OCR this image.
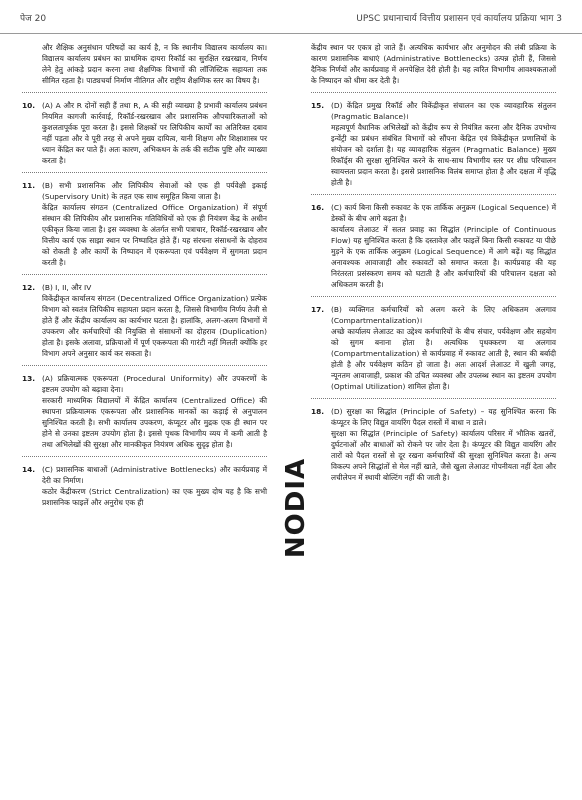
पेज 20	UPSC प्रधानाचार्य वित्तीय प्रशासन एवं कार्यालय प्रक्रिया भाग 3

और शैक्षिक अनुसंधान परिषदों का कार्य है, न कि स्थानीय विद्यालय कार्यालय का। विद्यालय कार्यालय प्रबंधन का प्राथमिक दायरा रिकॉर्ड का सुरक्षित रखरखाव, निर्णय लेने हेतु आंकड़े प्रदान करना तथा शैक्षणिक विभागों की लॉजिस्टिक सहायता तक सीमित रहता है। पाठ्यचर्या निर्माण नीतिगत और राष्ट्रीय शैक्षणिक स्तर का विषय है।

10. (A) A और R दोनों सही हैं तथा R, A की सही व्याख्या है प्रभावी कार्यालय प्रबंधन नियमित कागजी कार्रवाई, रिकॉर्ड-रखरखाव और प्रशासनिक औपचारिकताओं को कुशलतापूर्वक पूरा करता है। इससे शिक्षकों पर लिपिकीय कार्यों का अतिरिक्त दबाव नहीं पड़ता और वे पूरी तरह से अपने मुख्य दायित्व, यानी शिक्षण और शिक्षाशास्त्र पर ध्यान केंद्रित कर पाते हैं। अतः कारण, अभिकथन के तर्क की सटीक पुष्टि और व्याख्या करता है।

11. (B) सभी प्रशासनिक और लिपिकीय सेवाओं को एक ही पर्यवेक्षी इकाई (Supervisory Unit) के तहत एक साथ समूहित किया जाता है।

केंद्रित कार्यालय संगठन (Centralized Office Organization) में संपूर्ण संस्थान की लिपिकीय और प्रशासनिक गतिविधियों को एक ही नियंत्रण केंद्र के अधीन एकीकृत किया जाता है। इस व्यवस्था के अंतर्गत सभी पत्राचार, रिकॉर्ड-रखरखाव और वित्तीय कार्य एक साझा स्थान पर निष्पादित होते हैं। यह संरचना संसाधनों के दोहराव को रोकती है और कार्यों के निष्पादन में एकरूपता एवं पर्यवेक्षण में सुगमता प्रदान करती है।

12. (B) I, II, और IV

विकेंद्रीकृत कार्यालय संगठन (Decentralized Office Organization) प्रत्येक विभाग को स्वतंत्र लिपिकीय सहायता प्रदान करता है, जिससे विभागीय निर्णय तेजी से होते हैं और केंद्रीय कार्यालय का कार्यभार घटता है। हालांकि, अलग-अलग विभागों में उपकरण और कर्मचारियों की नियुक्ति से संसाधनों का दोहराव (Duplication) होता है। इसके अलावा, प्रक्रियाओं में पूर्ण एकरूपता की गारंटी नहीं मिलती क्योंकि हर विभाग अपने अनुसार कार्य कर सकता है।

13. (A) प्रक्रियात्मक एकरूपता (Procedural Uniformity) और उपकरणों के इष्टतम उपयोग को बढ़ावा देना।

सरकारी माध्यमिक विद्यालयों में केंद्रित कार्यालय (Centralized Office) की स्थापना प्रक्रियात्मक एकरूपता और प्रशासनिक मानकों का कड़ाई से अनुपालन सुनिश्चित करती है। सभी कार्यालय उपकरण, कंप्यूटर और मुद्रक एक ही स्थान पर होने से उनका इष्टतम उपयोग होता है। इससे पृथक विभागीय व्यय में कमी आती है तथा अभिलेखों की सुरक्षा और मानकीकृत नियंत्रण अधिक सुदृढ़ होता है।

14. (C) प्रशासनिक बाधाओं (Administrative Bottlenecks) और कार्यप्रवाह में देरी का निर्माण।

कठोर केंद्रीकरण (Strict Centralization) का एक मुख्य दोष यह है कि सभी प्रशासनिक फाइलें और अनुरोध एक ही	NODIA

केंद्रीय स्थान पर एकत्र हो जाते हैं। अत्यधिक कार्यभार और अनुमोदन की लंबी प्रक्रिया के कारण प्रशासनिक बाधाएं (Administrative Bottlenecks) उत्पन्न होती हैं, जिससे दैनिक निर्णयों और कार्यप्रवाह में अनपेक्षित देरी होती है। यह त्वरित विभागीय आवश्यकताओं के निष्पादन को धीमा कर देती है।

15. (D) केंद्रित प्रमुख रिकॉर्ड और विकेंद्रीकृत संचालन का एक व्यावहारिक संतुलन (Pragmatic Balance)।

महत्वपूर्ण वैधानिक अभिलेखों को केंद्रीय रूप से नियंत्रित करना और दैनिक उपभोग्य इन्वेंट्री का प्रबंधन संबंधित विभागों को सौंपना केंद्रित एवं विकेंद्रीकृत प्रणालियों के संयोजन को दर्शाता है। यह व्यावहारिक संतुलन (Pragmatic Balance) मुख्य रिकॉर्ड्स की सुरक्षा सुनिश्चित करने के साथ-साथ विभागीय स्तर पर शीघ्र परिचालन स्वायत्तता प्रदान करता है। इससे प्रशासनिक विलंब समाप्त होता है और दक्षता में वृद्धि होती है।

16. (C) कार्य बिना किसी रुकावट के एक तार्किक अनुक्रम (Logical Sequence) में डेस्कों के बीच आगे बढ़ता है।

कार्यालय लेआउट में सतत प्रवाह का सिद्धांत (Principle of Continuous Flow) यह सुनिश्चित करता है कि दस्तावेज़ और फाइलें बिना किसी रुकावट या पीछे मुड़ने के एक तार्किक अनुक्रम (Logical Sequence) में आगे बढ़ें। यह सिद्धांत अनावश्यक आवाजाही और रुकावटों को समाप्त करता है। कार्यप्रवाह की यह निरंतरता प्रसंस्करण समय को घटाती है और कर्मचारियों की परिचालन दक्षता को अधिकतम करती है।

17. (B) व्यक्तिगत कर्मचारियों को अलग करने के लिए अधिकतम अलगाव (Compartmentalization)।

अच्छे कार्यालय लेआउट का उद्देश्य कर्मचारियों के बीच संचार, पर्यवेक्षण और सहयोग को सुगम बनाना होता है। अत्यधिक पृथक्करण या अलगाव (Compartmentalization) से कार्यप्रवाह में रुकावट आती है, स्थान की बर्बादी होती है और पर्यवेक्षण कठिन हो जाता है। अतः आदर्श लेआउट में खुली जगह, न्यूनतम आवाजाही, प्रकाश की उचित व्यवस्था और उपलब्ध स्थान का इष्टतम उपयोग (Optimal Utilization) शामिल होता है।

18. (D) सुरक्षा का सिद्धांत (Principle of Safety) – यह सुनिश्चित करना कि कंप्यूटर के लिए विद्युत वायरिंग पैदल रास्तों में बाधा न डाले।

सुरक्षा का सिद्धांत (Principle of Safety) कार्यालय परिसर में भौतिक खतरों, दुर्घटनाओं और बाधाओं को रोकने पर जोर देता है। कंप्यूटर की विद्युत वायरिंग और तारों को पैदल रास्तों से दूर रखना कर्मचारियों की सुरक्षा सुनिश्चित करता है। अन्य विकल्प अपने सिद्धांतों से मेल नहीं खाते, जैसे खुला लेआउट गोपनीयता नहीं देता और लचीलेपन में स्थायी बोल्टिंग नहीं की जाती है।
